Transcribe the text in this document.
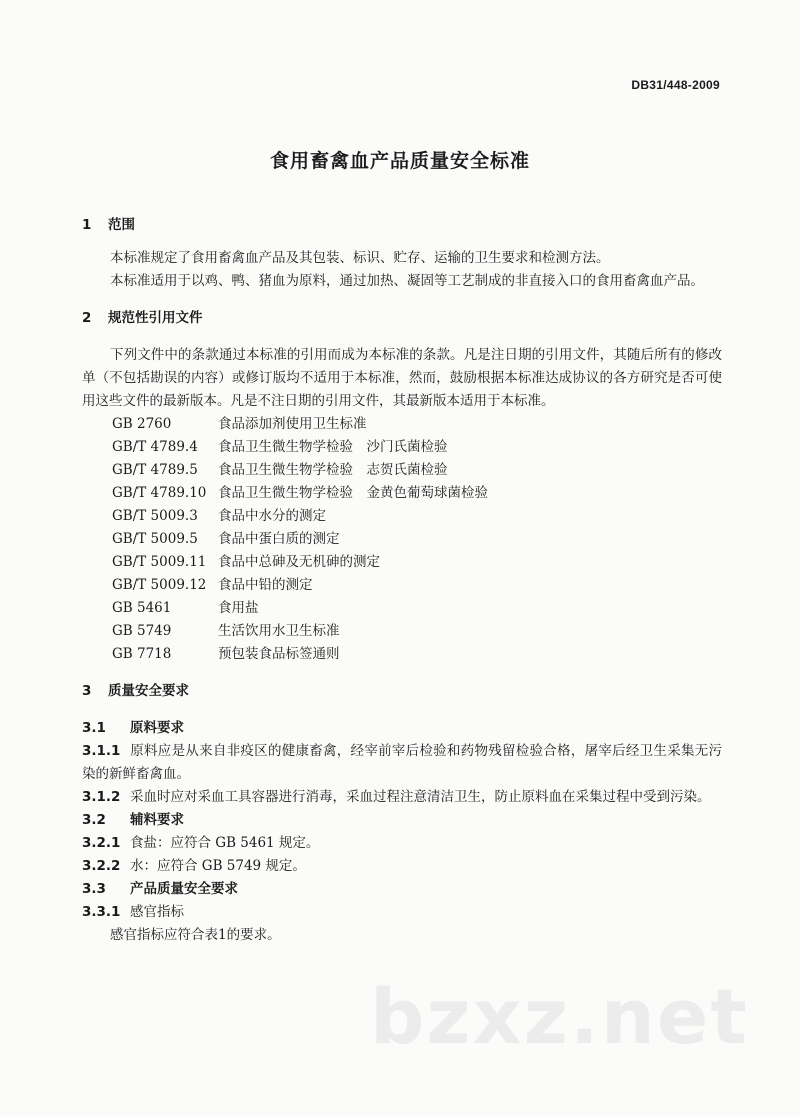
DB31/448-2009
食用畜禽血产品质量安全标准

1 范围

本标准规定了食用畜禽血产品及其包装、标识、贮存、运输的卫生要求和检测方法。

本标准适用于以鸡、鸭、猪血为原料，通过加热、凝固等工艺制成的非直接入口的食用畜禽血产品。

2 规范性引用文件

下列文件中的条款通过本标准的引用而成为本标准的条款。凡是注日期的引用文件，其随后所有的修改单（不包括勘误的内容）或修订版均不适用于本标准，然而，鼓励根据本标准达成协议的各方研究是否可使用这些文件的最新版本。凡是不注日期的引用文件，其最新版本适用于本标准。

GB 2760	食品添加剂使用卫生标准
GB/T 4789.4	食品卫生微生物学检验　沙门氏菌检验
GB/T 4789.5	食品卫生微生物学检验　志贺氏菌检验
GB/T 4789.10 食品卫生微生物学检验　金黄色葡萄球菌检验
GB/T 5009.3	食品中水分的测定
GB/T 5009.5	食品中蛋白质的测定
GB/T 5009.11 食品中总砷及无机砷的测定
GB/T 5009.12 食品中铅的测定
GB 5461	食用盐
GB 5749	生活饮用水卫生标准
GB 7718	预包装食品标签通则

3 质量安全要求

3.1 原料要求

3.1.1 原料应是从来自非疫区的健康畜禽，经宰前宰后检验和药物残留检验合格，屠宰后经卫生采集无污染的新鲜畜禽血。

3.1.2 采血时应对采血工具容器进行消毒，采血过程注意清洁卫生，防止原料血在采集过程中受到污染。

3.2 辅料要求

3.2.1 食盐：应符合 GB 5461 规定。

3.2.2 水：应符合 GB 5749 规定。

3.3 产品质量安全要求

3.3.1 感官指标

感官指标应符合表1的要求。

bzxz.net
